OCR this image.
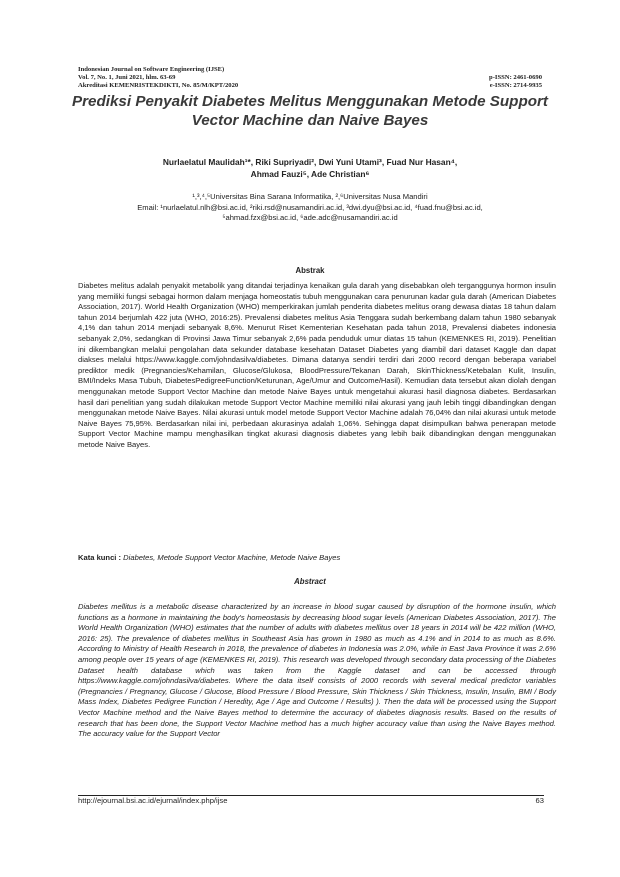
Indonesian Journal on Software Engineering (IJSE)
Vol. 7, No. 1, Juni 2021, hlm. 63-69
Akreditasi KEMENRISTEKDIKTI, No. 85/M/KPT/2020
p-ISSN: 2461-0690
e-ISSN: 2714-9935
Prediksi Penyakit Diabetes Melitus Menggunakan Metode Support Vector Machine dan Naive Bayes
Nurlaelatul Maulidah¹*, Riki Supriyadi², Dwi Yuni Utami³, Fuad Nur Hasan⁴,
Ahmad Fauzi⁵, Ade Christian⁶
¹,³,⁴,⁵Universitas Bina Sarana Informatika, ²,⁶Universitas Nusa Mandiri
Email: ¹nurlaelatul.nlh@bsi.ac.id, ²riki.rsd@nusamandiri.ac.id, ³dwi.dyu@bsi.ac.id, ⁴fuad.fnu@bsi.ac.id,
⁵ahmad.fzx@bsi.ac.id, ⁶ade.adc@nusamandiri.ac.id
Abstrak
Diabetes melitus adalah penyakit metabolik yang ditandai terjadinya kenaikan gula darah yang disebabkan oleh terganggunya hormon insulin yang memiliki fungsi sebagai hormon dalam menjaga homeostatis tubuh menggunakan cara penurunan kadar gula darah (American Diabetes Association, 2017). World Health Organization (WHO) memperkirakan jumlah penderita diabetes melitus orang dewasa diatas 18 tahun dalam tahun 2014 berjumlah 422 juta (WHO, 2016:25). Prevalensi diabetes melitus Asia Tenggara sudah berkembang dalam tahun 1980 sebanyak 4,1% dan tahun 2014 menjadi sebanyak 8,6%. Menurut Riset Kementerian Kesehatan pada tahun 2018, Prevalensi diabetes indonesia sebanyak 2,0%, sedangkan di Provinsi Jawa Timur sebanyak 2,6% pada penduduk umur diatas 15 tahun (KEMENKES RI, 2019). Penelitian ini dikembangkan melalui pengolahan data sekunder database kesehatan Dataset Diabetes yang diambil dari dataset Kaggle dan dapat diakses melalui https://www.kaggle.com/johndasilva/diabetes. Dimana datanya sendiri terdiri dari 2000 record dengan beberapa variabel prediktor medik (Pregnancies/Kehamilan, Glucose/Glukosa, BloodPressure/Tekanan Darah, SkinThickness/Ketebalan Kulit, Insulin, BMI/Indeks Masa Tubuh, DiabetesPedigreeFunction/Keturunan, Age/Umur and Outcome/Hasil). Kemudian data tersebut akan diolah dengan menggunakan metode Support Vector Machine dan metode Naive Bayes untuk mengetahui akurasi hasil diagnosa diabetes. Berdasarkan hasil dari penelitian yang sudah dilakukan metode Support Vector Machine memiliki nilai akurasi yang jauh lebih tinggi dibandingkan dengan menggunakan metode Naive Bayes. Nilai akurasi untuk model metode Support Vector Machine adalah 76,04% dan nilai akurasi untuk metode Naive Bayes 75,95%. Berdasarkan nilai ini, perbedaan akurasinya adalah 1,06%. Sehingga dapat disimpulkan bahwa penerapan metode Support Vector Machine mampu menghasilkan tingkat akurasi diagnosis diabetes yang lebih baik dibandingkan dengan menggunakan metode Naive Bayes.
Kata kunci : Diabetes, Metode Support Vector Machine, Metode Naive Bayes
Abstract
Diabetes mellitus is a metabolic disease characterized by an increase in blood sugar caused by disruption of the hormone insulin, which functions as a hormone in maintaining the body's homeostasis by decreasing blood sugar levels (American Diabetes Association, 2017). The World Health Organization (WHO) estimates that the number of adults with diabetes mellitus over 18 years in 2014 will be 422 million (WHO, 2016: 25). The prevalence of diabetes mellitus in Southeast Asia has grown in 1980 as much as 4.1% and in 2014 to as much as 8.6%. According to Ministry of Health Research in 2018, the prevalence of diabetes in Indonesia was 2.0%, while in East Java Province it was 2.6% among people over 15 years of age (KEMENKES RI, 2019). This research was developed through secondary data processing of the Diabetes Dataset health database which was taken from the Kaggle dataset and can be accessed through https://www.kaggle.com/johndasilva/diabetes. Where the data itself consists of 2000 records with several medical predictor variables (Pregnancies / Pregnancy, Glucose / Glucose, Blood Pressure / Blood Pressure, Skin Thickness / Skin Thickness, Insulin, Insulin, BMI / Body Mass Index, Diabetes Pedigree Function / Heredity, Age / Age and Outcome / Results) ). Then the data will be processed using the Support Vector Machine method and the Naive Bayes method to determine the accuracy of diabetes diagnosis results. Based on the results of research that has been done, the Support Vector Machine method has a much higher accuracy value than using the Naive Bayes method. The accuracy value for the Support Vector
http://ejournal.bsi.ac.id/ejurnal/index.php/ijse	63
